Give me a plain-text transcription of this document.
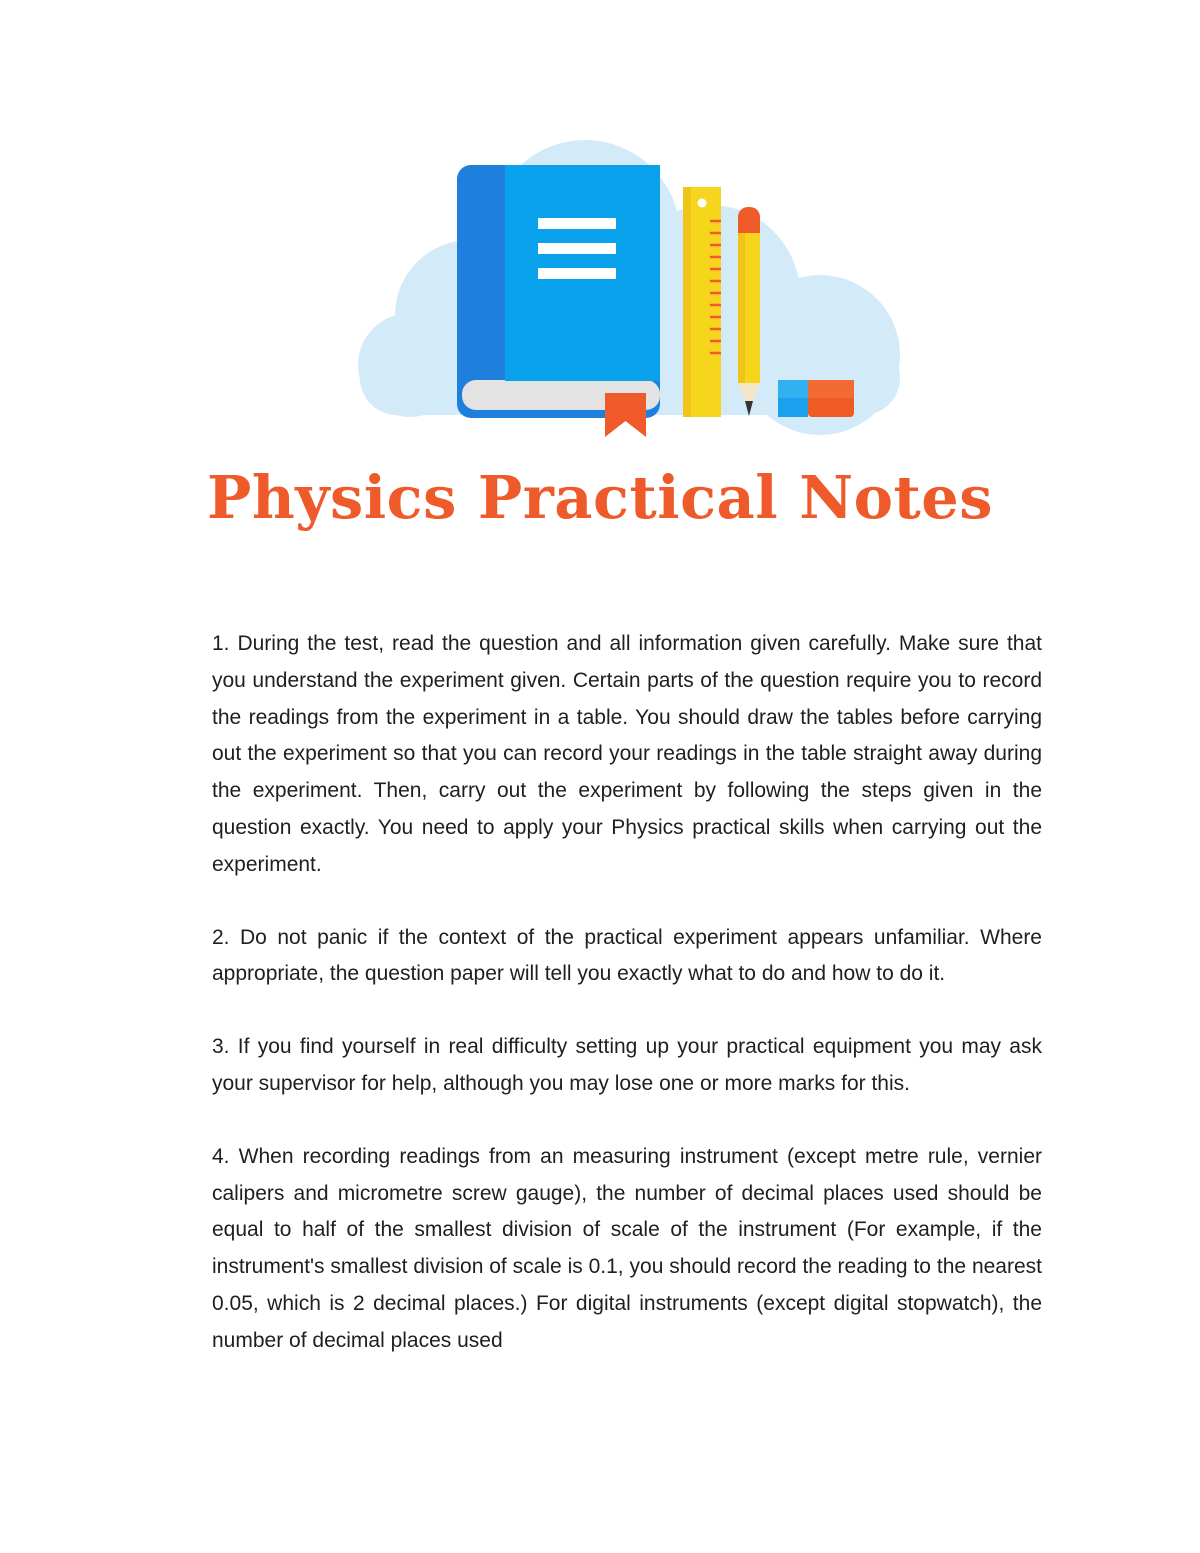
Physics Practical Notes

1. During the test, read the question and all information given carefully. Make sure that you understand the experiment given. Certain parts of the question require you to record the readings from the experiment in a table. You should draw the tables before carrying out the experiment so that you can record your readings in the table straight away during the experiment. Then, carry out the experiment by following the steps given in the question exactly. You need to apply your Physics practical skills when carrying out the experiment.

2. Do not panic if the context of the practical experiment appears unfamiliar. Where appropriate, the question paper will tell you exactly what to do and how to do it.

3. If you find yourself in real difficulty setting up your practical equipment you may ask your supervisor for help, although you may lose one or more marks for this.

4. When recording readings from an measuring instrument (except metre rule, vernier calipers and micrometre screw gauge), the number of decimal places used should be equal to half of the smallest division of scale of the instrument (For example, if the instrument's smallest division of scale is 0.1, you should record the reading to the nearest 0.05, which is 2 decimal places.) For digital instruments (except digital stopwatch), the number of decimal places used
